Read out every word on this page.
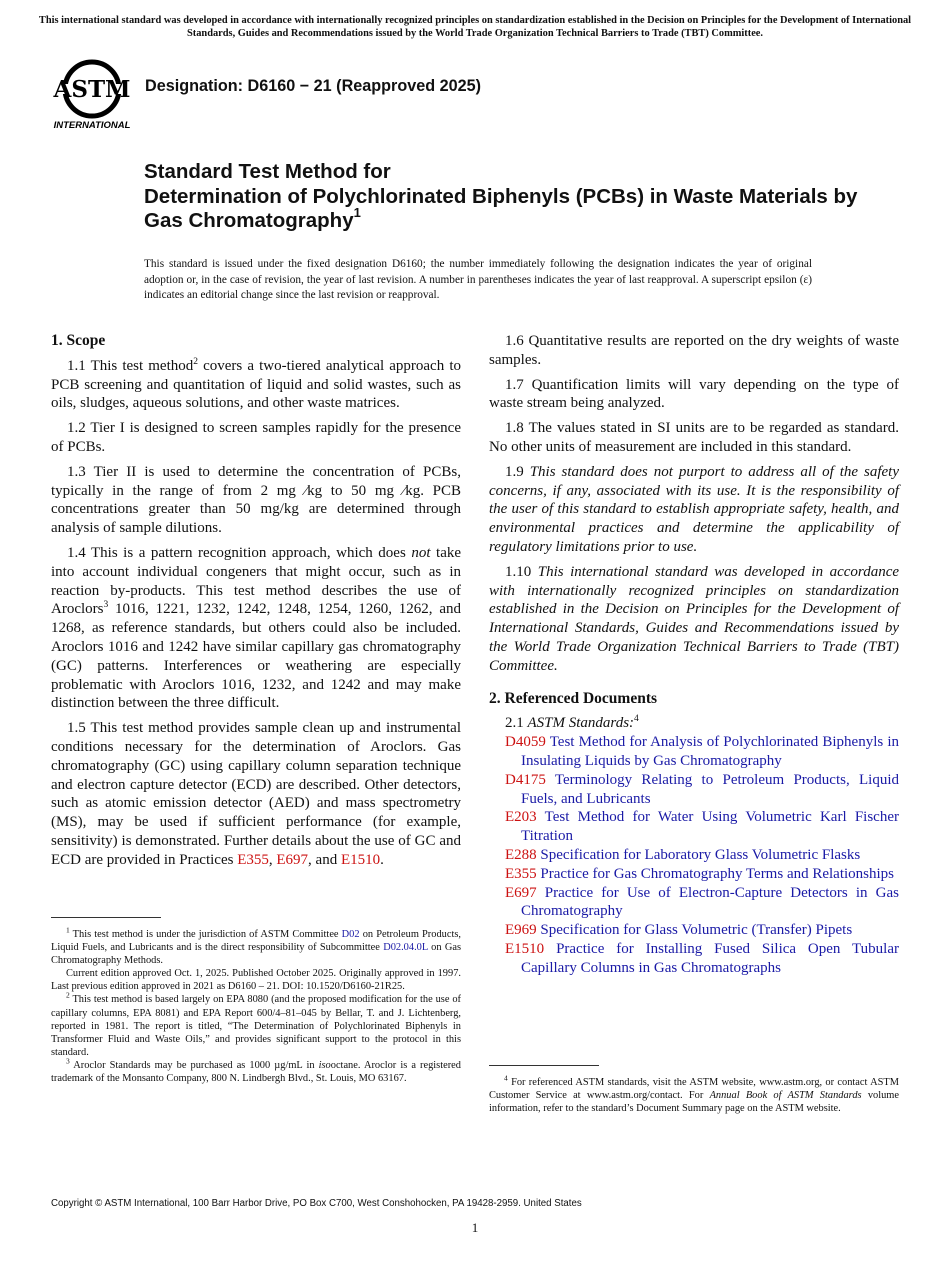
This international standard was developed in accordance with internationally recognized principles on standardization established in the Decision on Principles for the Development of International Standards, Guides and Recommendations issued by the World Trade Organization Technical Barriers to Trade (TBT) Committee.
ASTM
INTERNATIONAL
Designation: D6160 − 21 (Reapproved 2025)
Standard Test Method for
Determination of Polychlorinated Biphenyls (PCBs) in Waste Materials by Gas Chromatography$^1$
This standard is issued under the fixed designation D6160; the number immediately following the designation indicates the year of original adoption or, in the case of revision, the year of last revision. A number in parentheses indicates the year of last reapproval. A superscript epsilon (ε) indicates an editorial change since the last revision or reapproval.
1. Scope

1.1 This test method$^2$ covers a two-tiered analytical approach to PCB screening and quantitation of liquid and solid wastes, such as oils, sludges, aqueous solutions, and other waste matrices.

1.2 Tier I is designed to screen samples rapidly for the presence of PCBs.

1.3 Tier II is used to determine the concentration of PCBs, typically in the range of from 2 mg ⁄kg to 50 mg ⁄kg. PCB concentrations greater than 50 mg/kg are determined through analysis of sample dilutions.

1.4 This is a pattern recognition approach, which does not take into account individual congeners that might occur, such as in reaction by-products. This test method describes the use of Aroclors$^3$ 1016, 1221, 1232, 1242, 1248, 1254, 1260, 1262, and 1268, as reference standards, but others could also be included. Aroclors 1016 and 1242 have similar capillary gas chromatography (GC) patterns. Interferences or weathering are especially problematic with Aroclors 1016, 1232, and 1242 and may make distinction between the three difficult.

1.5 This test method provides sample clean up and instrumental conditions necessary for the determination of Aroclors. Gas chromatography (GC) using capillary column separation technique and electron capture detector (ECD) are described. Other detectors, such as atomic emission detector (AED) and mass spectrometry (MS), may be used if sufficient performance (for example, sensitivity) is demonstrated. Further details about the use of GC and ECD are provided in Practices E355, E697, and E1510.

1.6 Quantitative results are reported on the dry weights of waste samples.

1.7 Quantification limits will vary depending on the type of waste stream being analyzed.

1.8 The values stated in SI units are to be regarded as standard. No other units of measurement are included in this standard.

1.9 This standard does not purport to address all of the safety concerns, if any, associated with its use. It is the responsibility of the user of this standard to establish appropriate safety, health, and environmental practices and determine the applicability of regulatory limitations prior to use.

1.10 This international standard was developed in accordance with internationally recognized principles on standardization established in the Decision on Principles for the Development of International Standards, Guides and Recommendations issued by the World Trade Organization Technical Barriers to Trade (TBT) Committee.

2. Referenced Documents

2.1 ASTM Standards:$^4$

D4059 Test Method for Analysis of Polychlorinated Biphenyls in Insulating Liquids by Gas Chromatography

D4175 Terminology Relating to Petroleum Products, Liquid Fuels, and Lubricants

E203 Test Method for Water Using Volumetric Karl Fischer Titration

E288 Specification for Laboratory Glass Volumetric Flasks

E355 Practice for Gas Chromatography Terms and Relationships

E697 Practice for Use of Electron-Capture Detectors in Gas Chromatography

E969 Specification for Glass Volumetric (Transfer) Pipets

E1510 Practice for Installing Fused Silica Open Tubular Capillary Columns in Gas Chromatographs

$^1$ This test method is under the jurisdiction of ASTM Committee D02 on Petroleum Products, Liquid Fuels, and Lubricants and is the direct responsibility of Subcommittee D02.04.0L on Gas Chromatography Methods.

Current edition approved Oct. 1, 2025. Published October 2025. Originally approved in 1997. Last previous edition approved in 2021 as D6160 – 21. DOI: 10.1520/D6160-21R25.

$^2$ This test method is based largely on EPA 8080 (and the proposed modification for the use of capillary columns, EPA 8081) and EPA Report 600/4–81–045 by Bellar, T. and J. Lichtenberg, reported in 1981. The report is titled, “The Determination of Polychlorinated Biphenyls in Transformer Fluid and Waste Oils,” and provides significant support to the protocol in this standard.

$^3$ Aroclor Standards may be purchased as 1000 µg/mL in isooctane. Aroclor is a registered trademark of the Monsanto Company, 800 N. Lindbergh Blvd., St. Louis, MO 63167.	$^4$ For referenced ASTM standards, visit the ASTM website, www.astm.org, or contact ASTM Customer Service at www.astm.org/contact. For Annual Book of ASTM Standards volume information, refer to the standard’s Document Summary page on the ASTM website.

Copyright © ASTM International, 100 Barr Harbor Drive, PO Box C700, West Conshohocken, PA 19428-2959. United States
1
